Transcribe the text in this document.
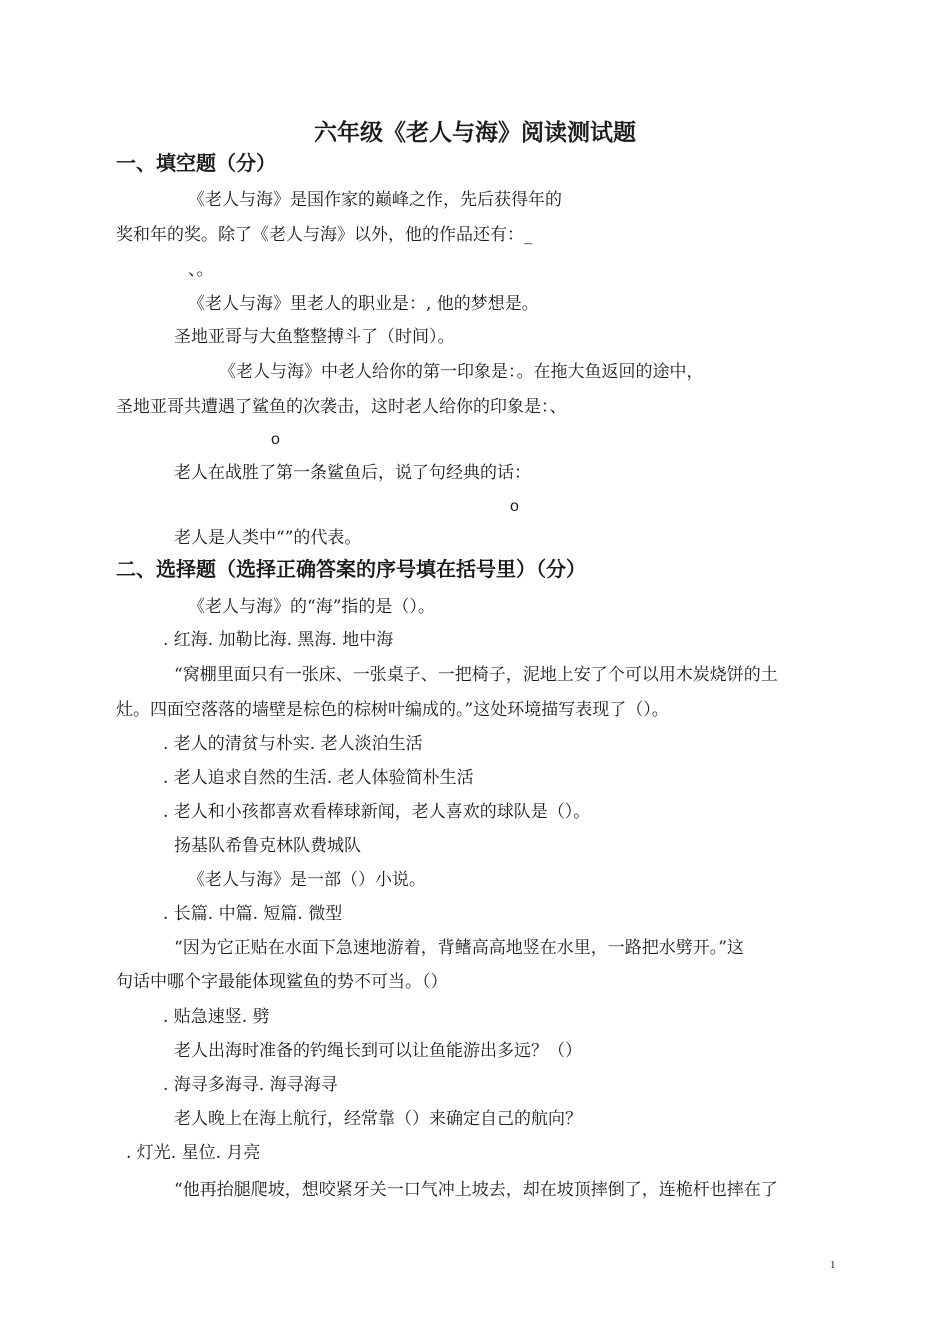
六年级《老人与海》阅读测试题
一、填空题（分）
《老人与海》是国作家的巅峰之作，先后获得年的
奖和年的奖。除了《老人与海》以外，他的作品还有：_
、。
《老人与海》里老人的职业是：, 他的梦想是。
圣地亚哥与大鱼整整搏斗了（时间）。
《老人与海》中老人给你的第一印象是：。在拖大鱼返回的途中，
圣地亚哥共遭遇了鲨鱼的次袭击，这时老人给你的印象是：、
o
老人在战胜了第一条鲨鱼后，说了句经典的话：
o
老人是人类中“”的代表。
二、选择题（选择正确答案的序号填在括号里）（分）
《老人与海》的“海”指的是（）。
. 红海. 加勒比海. 黑海. 地中海
“窝棚里面只有一张床、一张桌子、一把椅子，泥地上安了个可以用木炭烧饼的土
灶。四面空落落的墙壁是棕色的棕树叶编成的。”这处环境描写表现了（）。
. 老人的清贫与朴实. 老人淡泊生活
. 老人追求自然的生活. 老人体验简朴生活
. 老人和小孩都喜欢看棒球新闻，老人喜欢的球队是（）。
扬基队希鲁克林队费城队
《老人与海》是一部（）小说。
. 长篇. 中篇. 短篇. 微型
“因为它正贴在水面下急速地游着，背鳍高高地竖在水里，一路把水劈开。”这
句话中哪个字最能体现鲨鱼的势不可当。（）
. 贴急速竖. 劈
老人出海时准备的钓绳长到可以让鱼能游出多远？（）
. 海寻多海寻. 海寻海寻
老人晚上在海上航行，经常靠（）来确定自己的航向？
. 灯光. 星位. 月亮
“他再抬腿爬坡，想咬紧牙关一口气冲上坡去，却在坡顶摔倒了，连桅杆也摔在了
1
